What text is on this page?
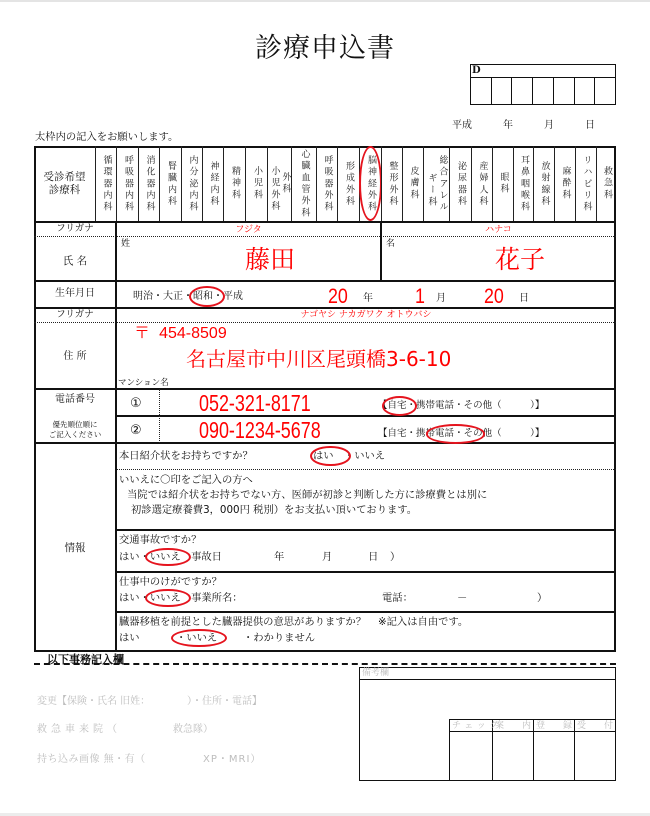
診療申込書
D
平成	年	月	日
太枠内の記入をお願いします。
受診希望
診療科 循環器内科 呼吸器内科 消化器内科 腎臓内科 内分泌内科 神経内科 精神科 小児科 小児外科 外科 心臓血管外科 呼吸器外科 形成外科 脳神経外科 整形外科 皮膚科 ギー科 総合アレル 泌尿器科 産婦人科 眼科 耳鼻咽喉科 放射線科 麻酔科 リハビリ科 救急科
フリガナ	フジタ	ハナコ
氏 名
姓	名
藤田	花子
生年月日	明治・大正・昭和・平成	20	年 1 月 20	日
フリガナ	ナゴヤシ ナカガワク オトウバシ
住 所
〒 454-8509
名古屋市中川区尾頭橋3-6-10
マンション名
電話番号
優先順位順に
ご記入ください
① 052-321-8171	【自宅・携帯電話・その他（　　　）】
② 090-1234-5678	【自宅・携帯電話・その他（　　　）】
情報
本日紹介状をお持ちですか？	はい　・いいえ
いいえに〇印をご記入の方へ
当院では紹介状をお持ちでない方、医師が初診と判断した方に診療費とは別に
初診選定療養費3，000円 税別）をお支払い頂いております。
交通事故ですか？
はい・いいえ　事故日	年	月	日 ）
仕事中のけがですか？
はい・いいえ　事業所名：	電話：	－	）
臓器移植を前提とした臓器提供の意思がありますか？ ※記入は自由です。
はい	・いいえ	・わかりません
以下事務記入欄
変更【保険・氏名 旧姓：	）・住所・電話】
救急車来院（	救急隊）
持ち込み画像 無・有（	XP・MRI）
備考欄
チェック
案　内 登　録 受　付
